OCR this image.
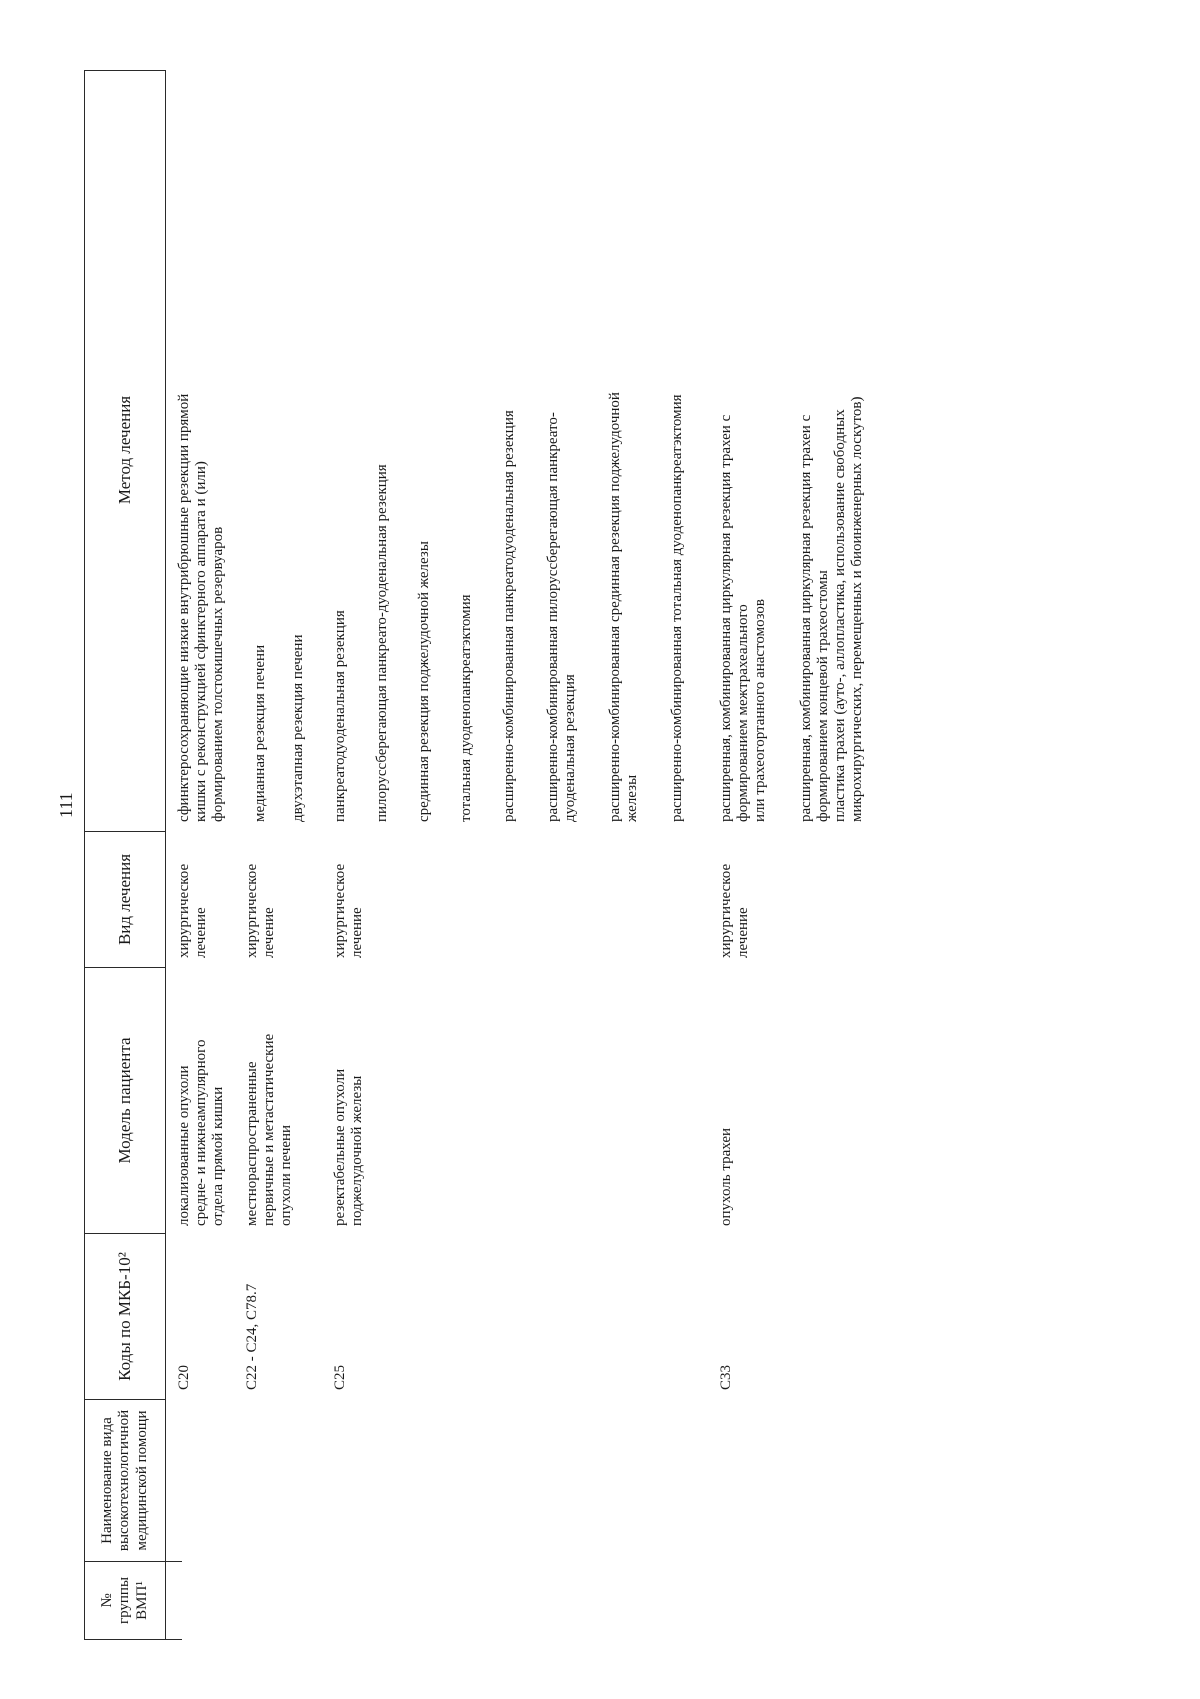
111
№
группы
ВМП¹
Наименование вида
высокотехнологичной
медицинской помощи
Коды по МКБ-10²
Модель пациента
Вид лечения
Метод лечения
C20
локализованные опухоли
средне- и нижнеампулярного
отдела прямой кишки
хирургическое
лечение
сфинктеросохраняющие низкие внутрибрюшные резекции прямой
кишки с реконструкцией сфинктерного аппарата и (или)
формированием толстокишечных резервуаров
C22 - C24, C78.7
местнораспространенные
первичные и метастатические
опухоли печени
хирургическое
лечение
медианная резекция печени двухэтапная резекция печени
C25
резектабельные опухоли
поджелудочной железы
хирургическое
лечение
панкреатодуоденальная резекция пилоруссберегающая панкреато-дуоденальная резекция срединная резекция поджелудочной железы тотальная дуоденопанкреатэктомия расширенно-комбинированная панкреатодуоденальная резекция расширенно-комбинированная пилоруссберегающая панкреато-
дуоденальная резекция расширенно-комбинированная срединная резекция поджелудочной
железы расширенно-комбинированная тотальная дуоденопанкреатэктомия
C33
опухоль трахеи
хирургическое
лечение
расширенная, комбинированная циркулярная резекция трахеи с
формированием межтрахеального
или трахеогортанного анастомозов
расширенная, комбинированная циркулярная резекция трахеи с
формированием концевой трахеостомы
пластика трахеи (ауто-, аллопластика, использование свободных
микрохирургических, перемещенных и биоинженерных лоскутов)
